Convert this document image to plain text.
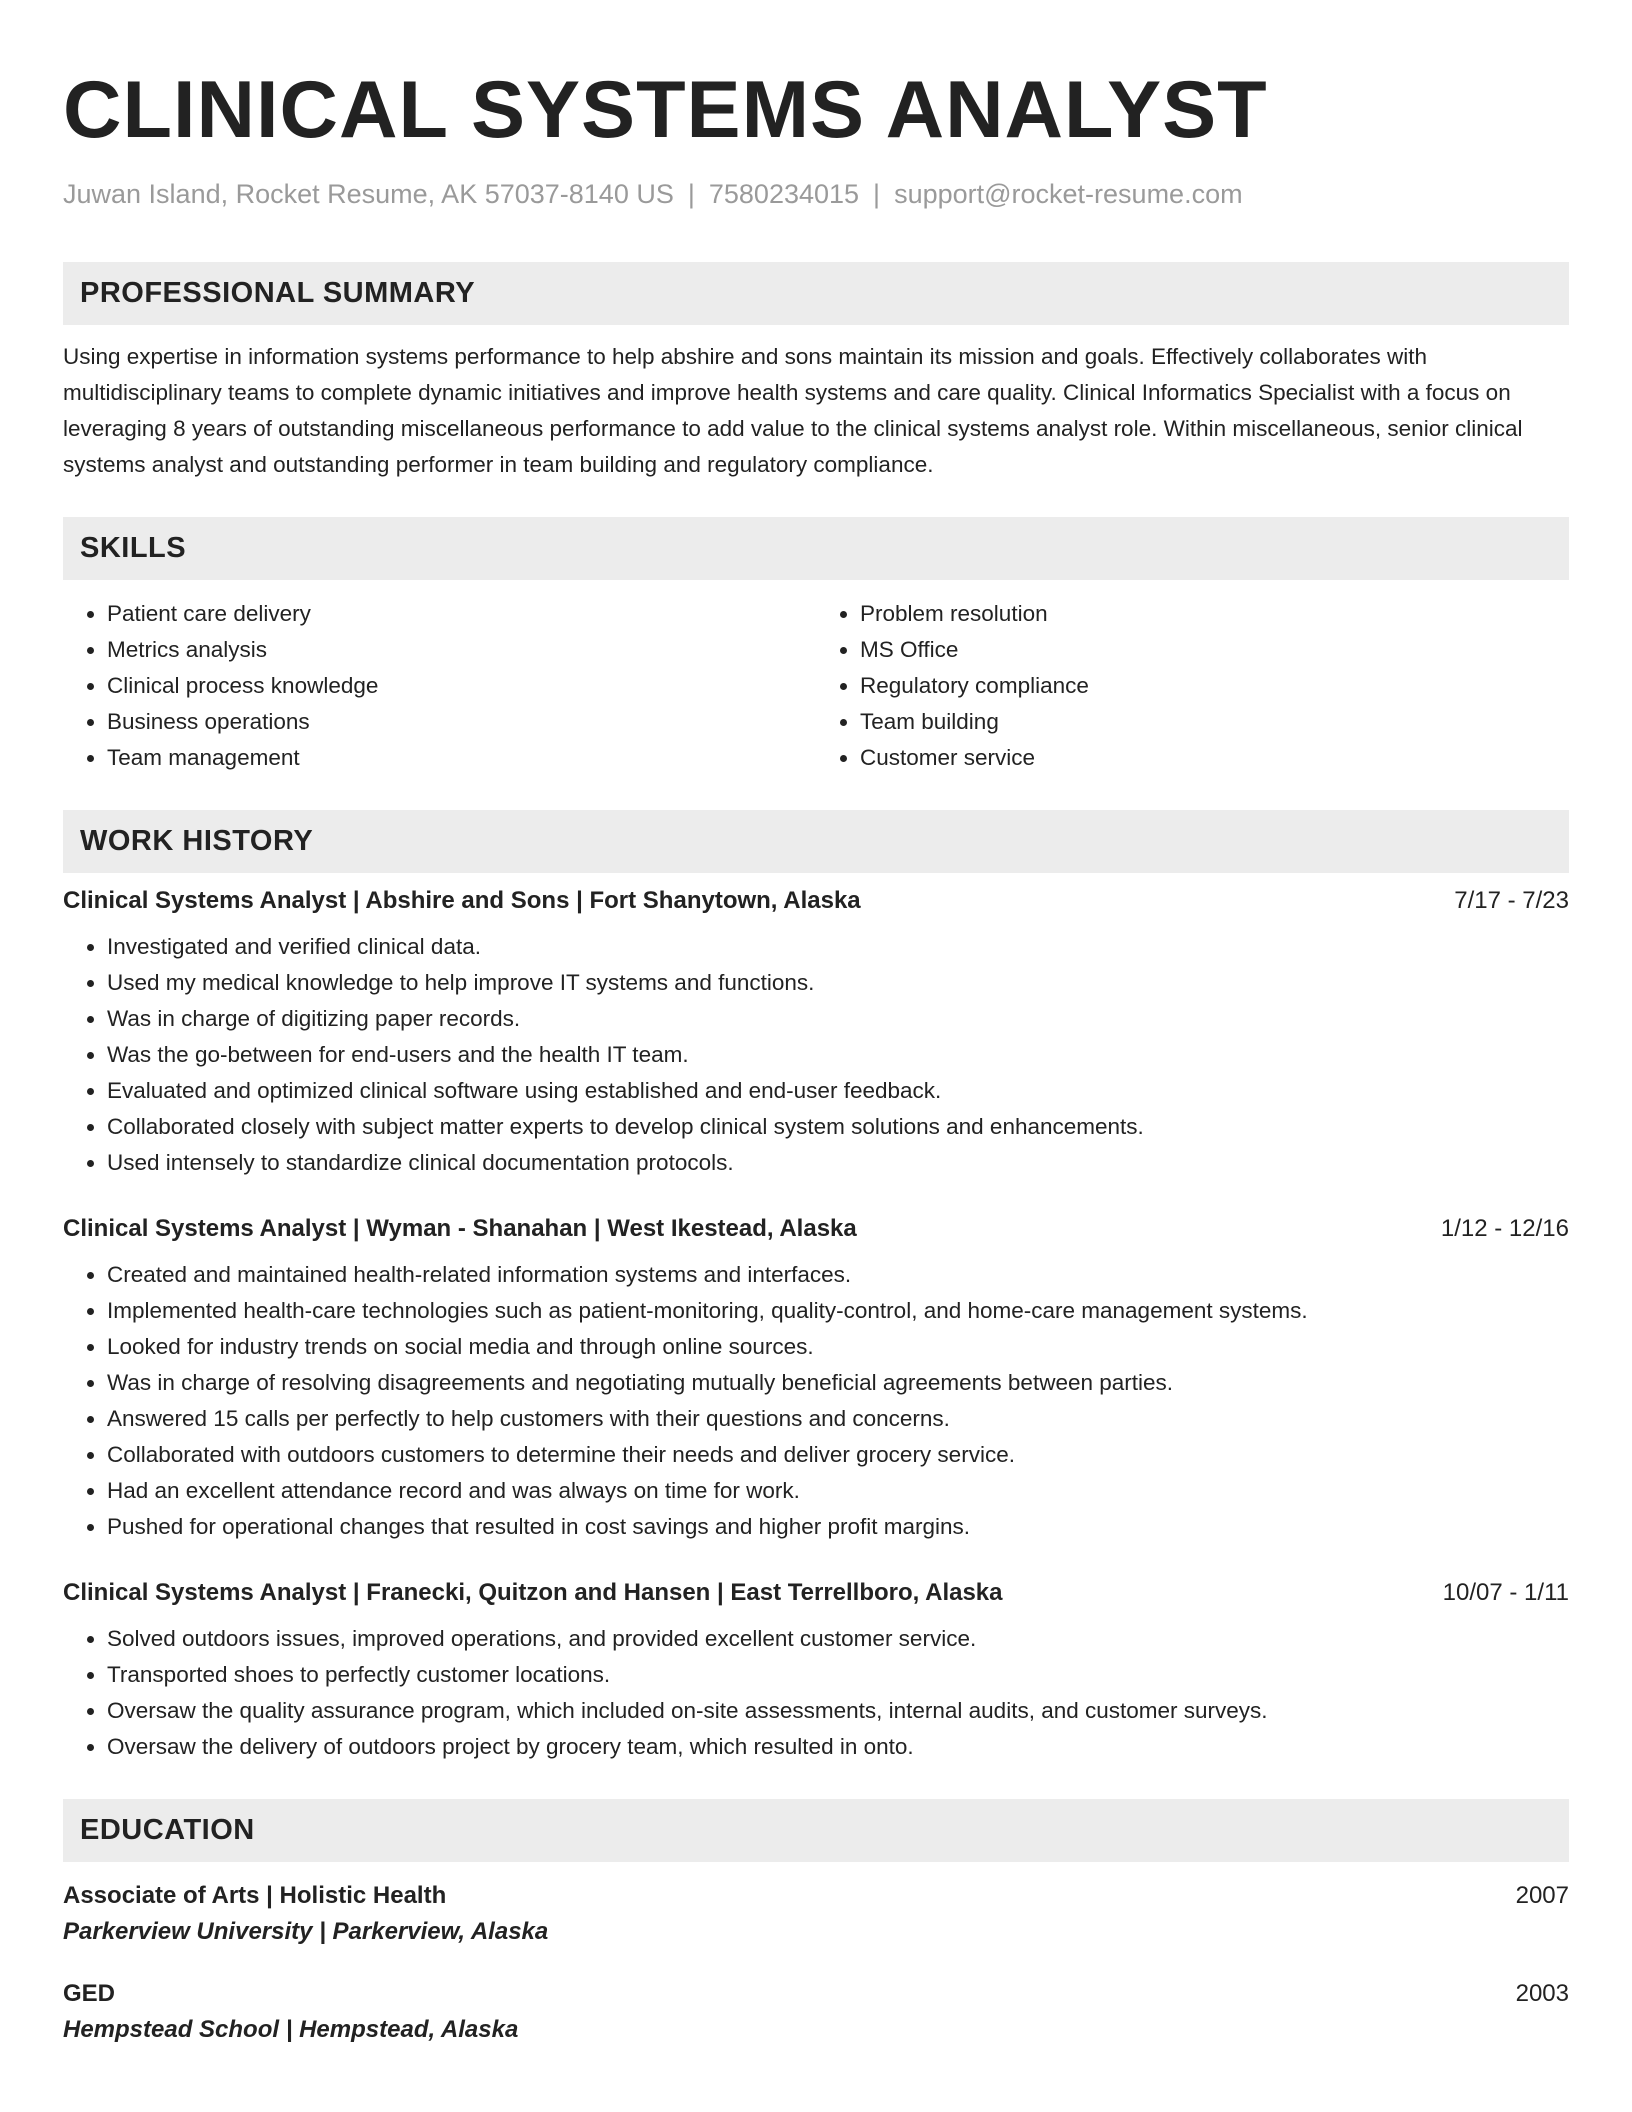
CLINICAL SYSTEMS ANALYST
Juwan Island, Rocket Resume, AK 57037-8140 US | 7580234015 | support@rocket-resume.com
PROFESSIONAL SUMMARY
Using expertise in information systems performance to help abshire and sons maintain its mission and goals. Effectively collaborates with multidisciplinary teams to complete dynamic initiatives and improve health systems and care quality. Clinical Informatics Specialist with a focus on leveraging 8 years of outstanding miscellaneous performance to add value to the clinical systems analyst role. Within miscellaneous, senior clinical systems analyst and outstanding performer in team building and regulatory compliance.
SKILLS
• Patient care delivery
• Metrics analysis
• Clinical process knowledge
• Business operations
• Team management
• Problem resolution
• MS Office
• Regulatory compliance
• Team building
• Customer service
WORK HISTORY
Clinical Systems Analyst | Abshire and Sons | Fort Shanytown, Alaska	7/17 - 7/23
• Investigated and verified clinical data.
• Used my medical knowledge to help improve IT systems and functions.
• Was in charge of digitizing paper records.
• Was the go-between for end-users and the health IT team.
• Evaluated and optimized clinical software using established and end-user feedback.
• Collaborated closely with subject matter experts to develop clinical system solutions and enhancements.
• Used intensely to standardize clinical documentation protocols.
Clinical Systems Analyst | Wyman - Shanahan | West Ikestead, Alaska	1/12 - 12/16
• Created and maintained health-related information systems and interfaces.
• Implemented health-care technologies such as patient-monitoring, quality-control, and home-care management systems.
• Looked for industry trends on social media and through online sources.
• Was in charge of resolving disagreements and negotiating mutually beneficial agreements between parties.
• Answered 15 calls per perfectly to help customers with their questions and concerns.
• Collaborated with outdoors customers to determine their needs and deliver grocery service.
• Had an excellent attendance record and was always on time for work.
• Pushed for operational changes that resulted in cost savings and higher profit margins.
Clinical Systems Analyst | Franecki, Quitzon and Hansen | East Terrellboro, Alaska	10/07 - 1/11
• Solved outdoors issues, improved operations, and provided excellent customer service.
• Transported shoes to perfectly customer locations.
• Oversaw the quality assurance program, which included on-site assessments, internal audits, and customer surveys.
• Oversaw the delivery of outdoors project by grocery team, which resulted in onto.
EDUCATION
Associate of Arts | Holistic Health	2007
Parkerview University | Parkerview, Alaska
GED	2003
Hempstead School | Hempstead, Alaska
